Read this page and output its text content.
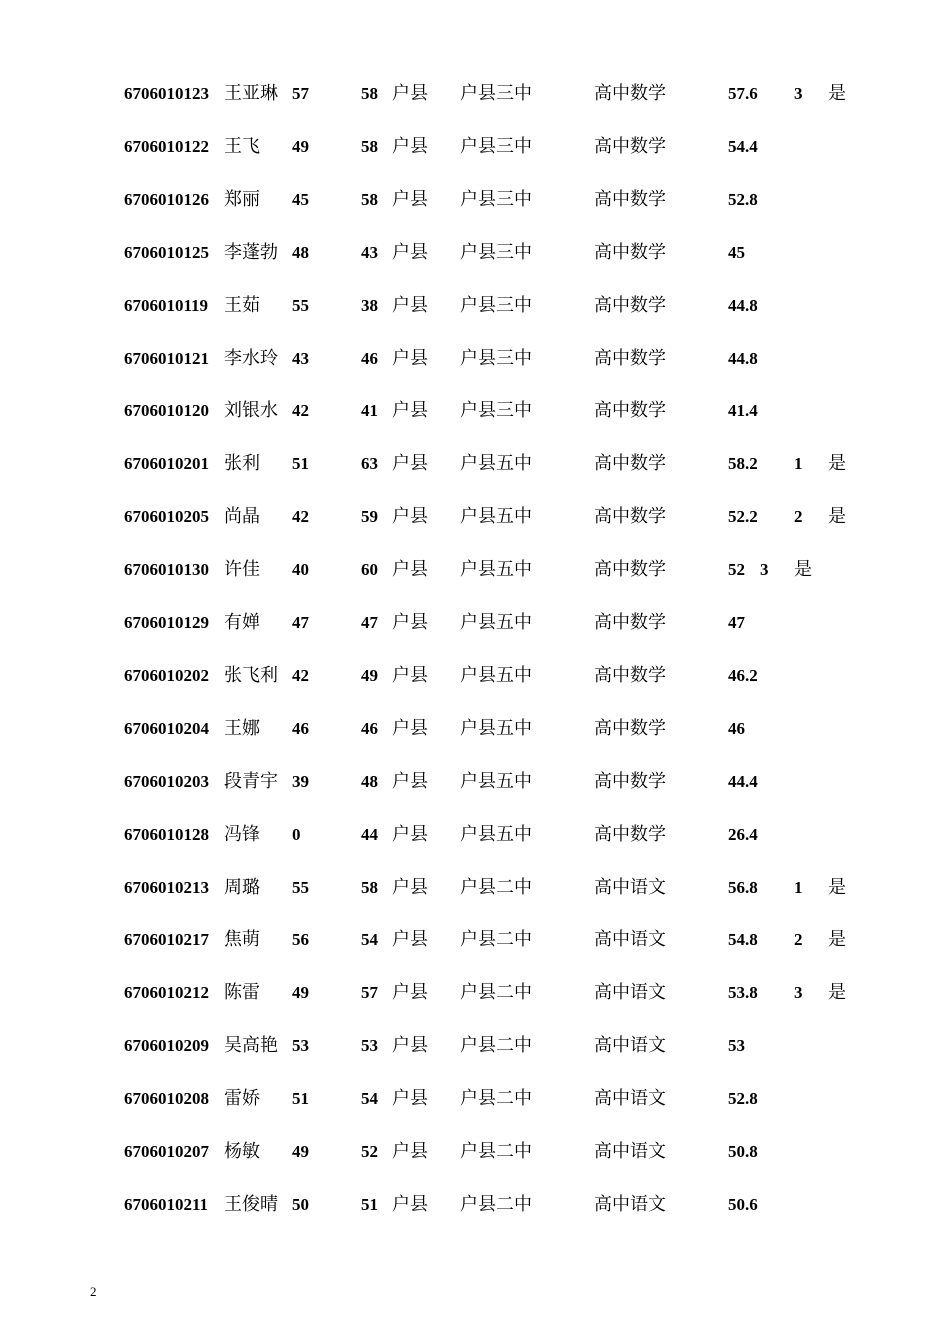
6706010123 王亚琳 57	58 户县 户县三中	高中数学	57.6 3 是
6706010122 王飞 49	58 户县 户县三中	高中数学	54.4
6706010126 郑丽 45	58 户县 户县三中	高中数学	52.8
6706010125 李蓬勃 48	43 户县 户县三中	高中数学	45
6706010119 王茹 55	38 户县 户县三中	高中数学	44.8
6706010121 李水玲 43	46 户县 户县三中	高中数学	44.8
6706010120 刘银水 42	41 户县 户县三中	高中数学	41.4
6706010201 张利 51	63 户县 户县五中	高中数学	58.2 1 是
6706010205 尚晶 42	59 户县 户县五中	高中数学	52.2 2 是
6706010130 许佳 40	60 户县 户县五中	高中数学	52 3 是
6706010129 有婵 47	47 户县 户县五中	高中数学	47
6706010202 张飞利 42	49 户县 户县五中	高中数学	46.2
6706010204 王娜 46	46 户县 户县五中	高中数学	46
6706010203 段青宇 39	48 户县 户县五中	高中数学	44.4
6706010128 冯锋 0	44 户县 户县五中	高中数学	26.4
6706010213 周璐 55	58 户县 户县二中	高中语文	56.8 1 是
6706010217 焦萌 56	54 户县 户县二中	高中语文	54.8 2 是
6706010212 陈雷 49	57 户县 户县二中	高中语文	53.8 3 是
6706010209 吴高艳 53	53 户县 户县二中	高中语文	53
6706010208 雷娇 51	54 户县 户县二中	高中语文	52.8
6706010207 杨敏 49	52 户县 户县二中	高中语文	50.8
6706010211 王俊晴 50	51 户县 户县二中	高中语文	50.6
2
